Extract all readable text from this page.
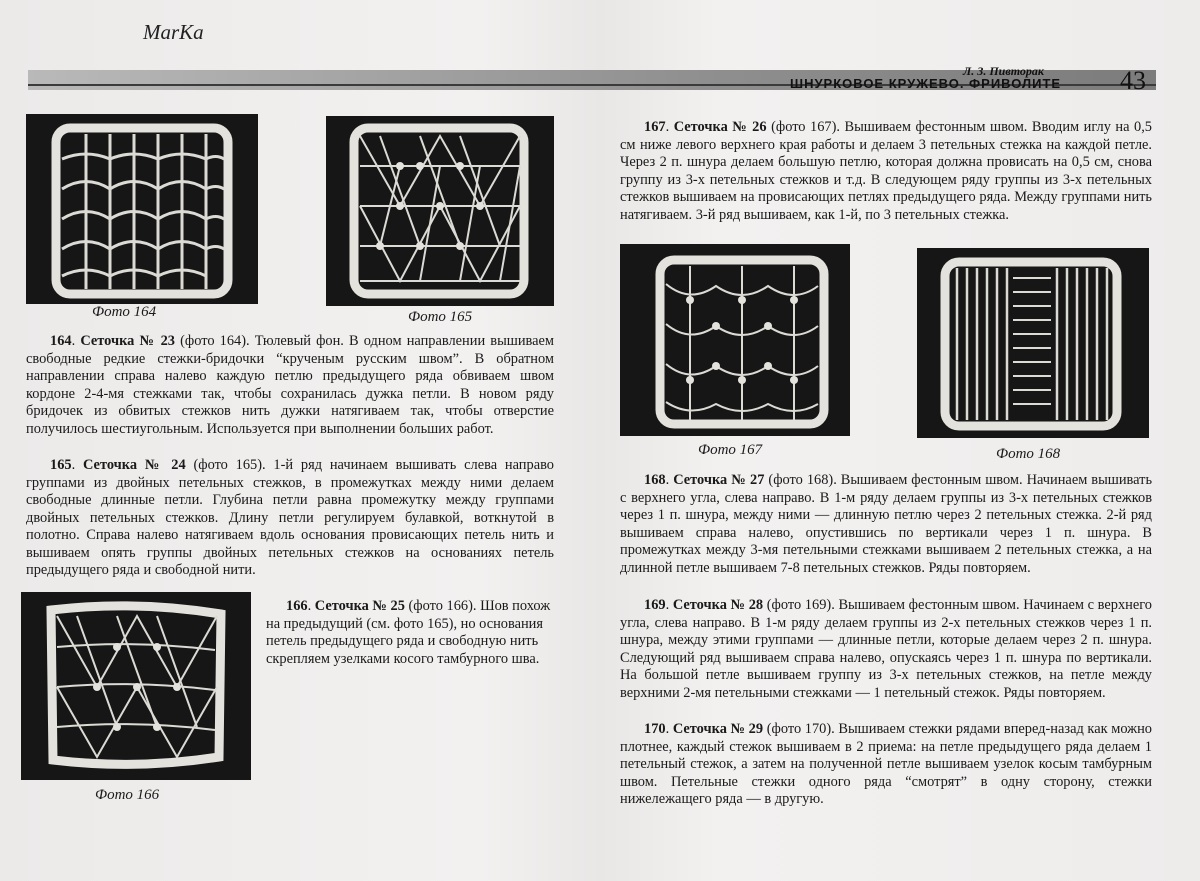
MarKa
Л. З. Пивторак
ШНУРКОВОЕ КРУЖЕВО. ФРИВОЛИТЕ 43
Фото 164	Фото 165

164. Сеточка № 23 (фото 164). Тюлевый фон. В одном направлении вышиваем свободные редкие стежки-бридочки “крученым русским швом”. В обратном направлении справа налево каждую петлю предыдущего ряда обвиваем швом кордоне 2-4-мя стежками так, чтобы сохранилась дужка петли. В новом ряду бридочек из обвитых стежков нить дужки натягиваем так, чтобы отверстие получилось шестиугольным. Используется при выполнении больших работ.

165. Сеточка № 24 (фото 165). 1-й ряд начинаем вышивать слева направо группами из двойных петельных стежков, в промежутках между ними делаем свободные длинные петли. Глубина петли равна промежутку между группами двойных петельных стежков. Длину петли регулируем булавкой, воткнутой в полотно. Справа налево натягиваем вдоль основания провисающих петель нить и вышиваем опять группы двойных петельных стежков на основаниях петель предыдущего ряда и свободной нити.

Фото 166

166. Сеточка № 25 (фото 166). Шов похож на предыдущий (см. фото 165), но основания петель предыдущего ряда и свободную нить скрепляем узелками косого тамбурного шва.

167. Сеточка № 26 (фото 167). Вышиваем фестонным швом. Вводим иглу на 0,5 см ниже левого верхнего края работы и делаем 3 петельных стежка на каждой петле. Через 2 п. шнура делаем большую петлю, которая должна провисать на 0,5 см, снова группу из 3-х петельных стежков и т.д. В следующем ряду группы из 3-х петельных стежков вышиваем на провисающих петлях предыдущего ряда. Между группами нить натягиваем. 3-й ряд вышиваем, как 1-й, по 3 петельных стежка.

Фото 167	Фото 168

168. Сеточка № 27 (фото 168). Вышиваем фестонным швом. Начинаем вышивать с верхнего угла, слева направо. В 1-м ряду делаем группы из 3-х петельных стежков через 1 п. шнура, между ними — длинную петлю через 2 петельных стежка. 2-й ряд вышиваем справа налево, опустившись по вертикали через 1 п. шнура. В промежутках между 3-мя петельными стежками вышиваем 2 петельных стежка, а на длинной петле вышиваем 7-8 петельных стежков. Ряды повторяем.

169. Сеточка № 28 (фото 169). Вышиваем фестонным швом. Начинаем с верхнего угла, слева направо. В 1-м ряду делаем группы из 2-х петельных стежков через 1 п. шнура, между этими группами — длинные петли, которые делаем через 2 п. шнура. Следующий ряд вышиваем справа налево, опускаясь через 1 п. шнура по вертикали. На большой петле вышиваем группу из 3-х петельных стежков, на петле между верхними 2-мя петельными стежками — 1 петельный стежок. Ряды повторяем.

170. Сеточка № 29 (фото 170). Вышиваем стежки рядами вперед-назад как можно плотнее, каждый стежок вышиваем в 2 приема: на петле предыдущего ряда делаем 1 петельный стежок, а затем на полученной петле вышиваем узелок косым тамбурным швом. Петельные стежки одного ряда “смотрят” в одну сторону, стежки нижележащего ряда — в другую.
